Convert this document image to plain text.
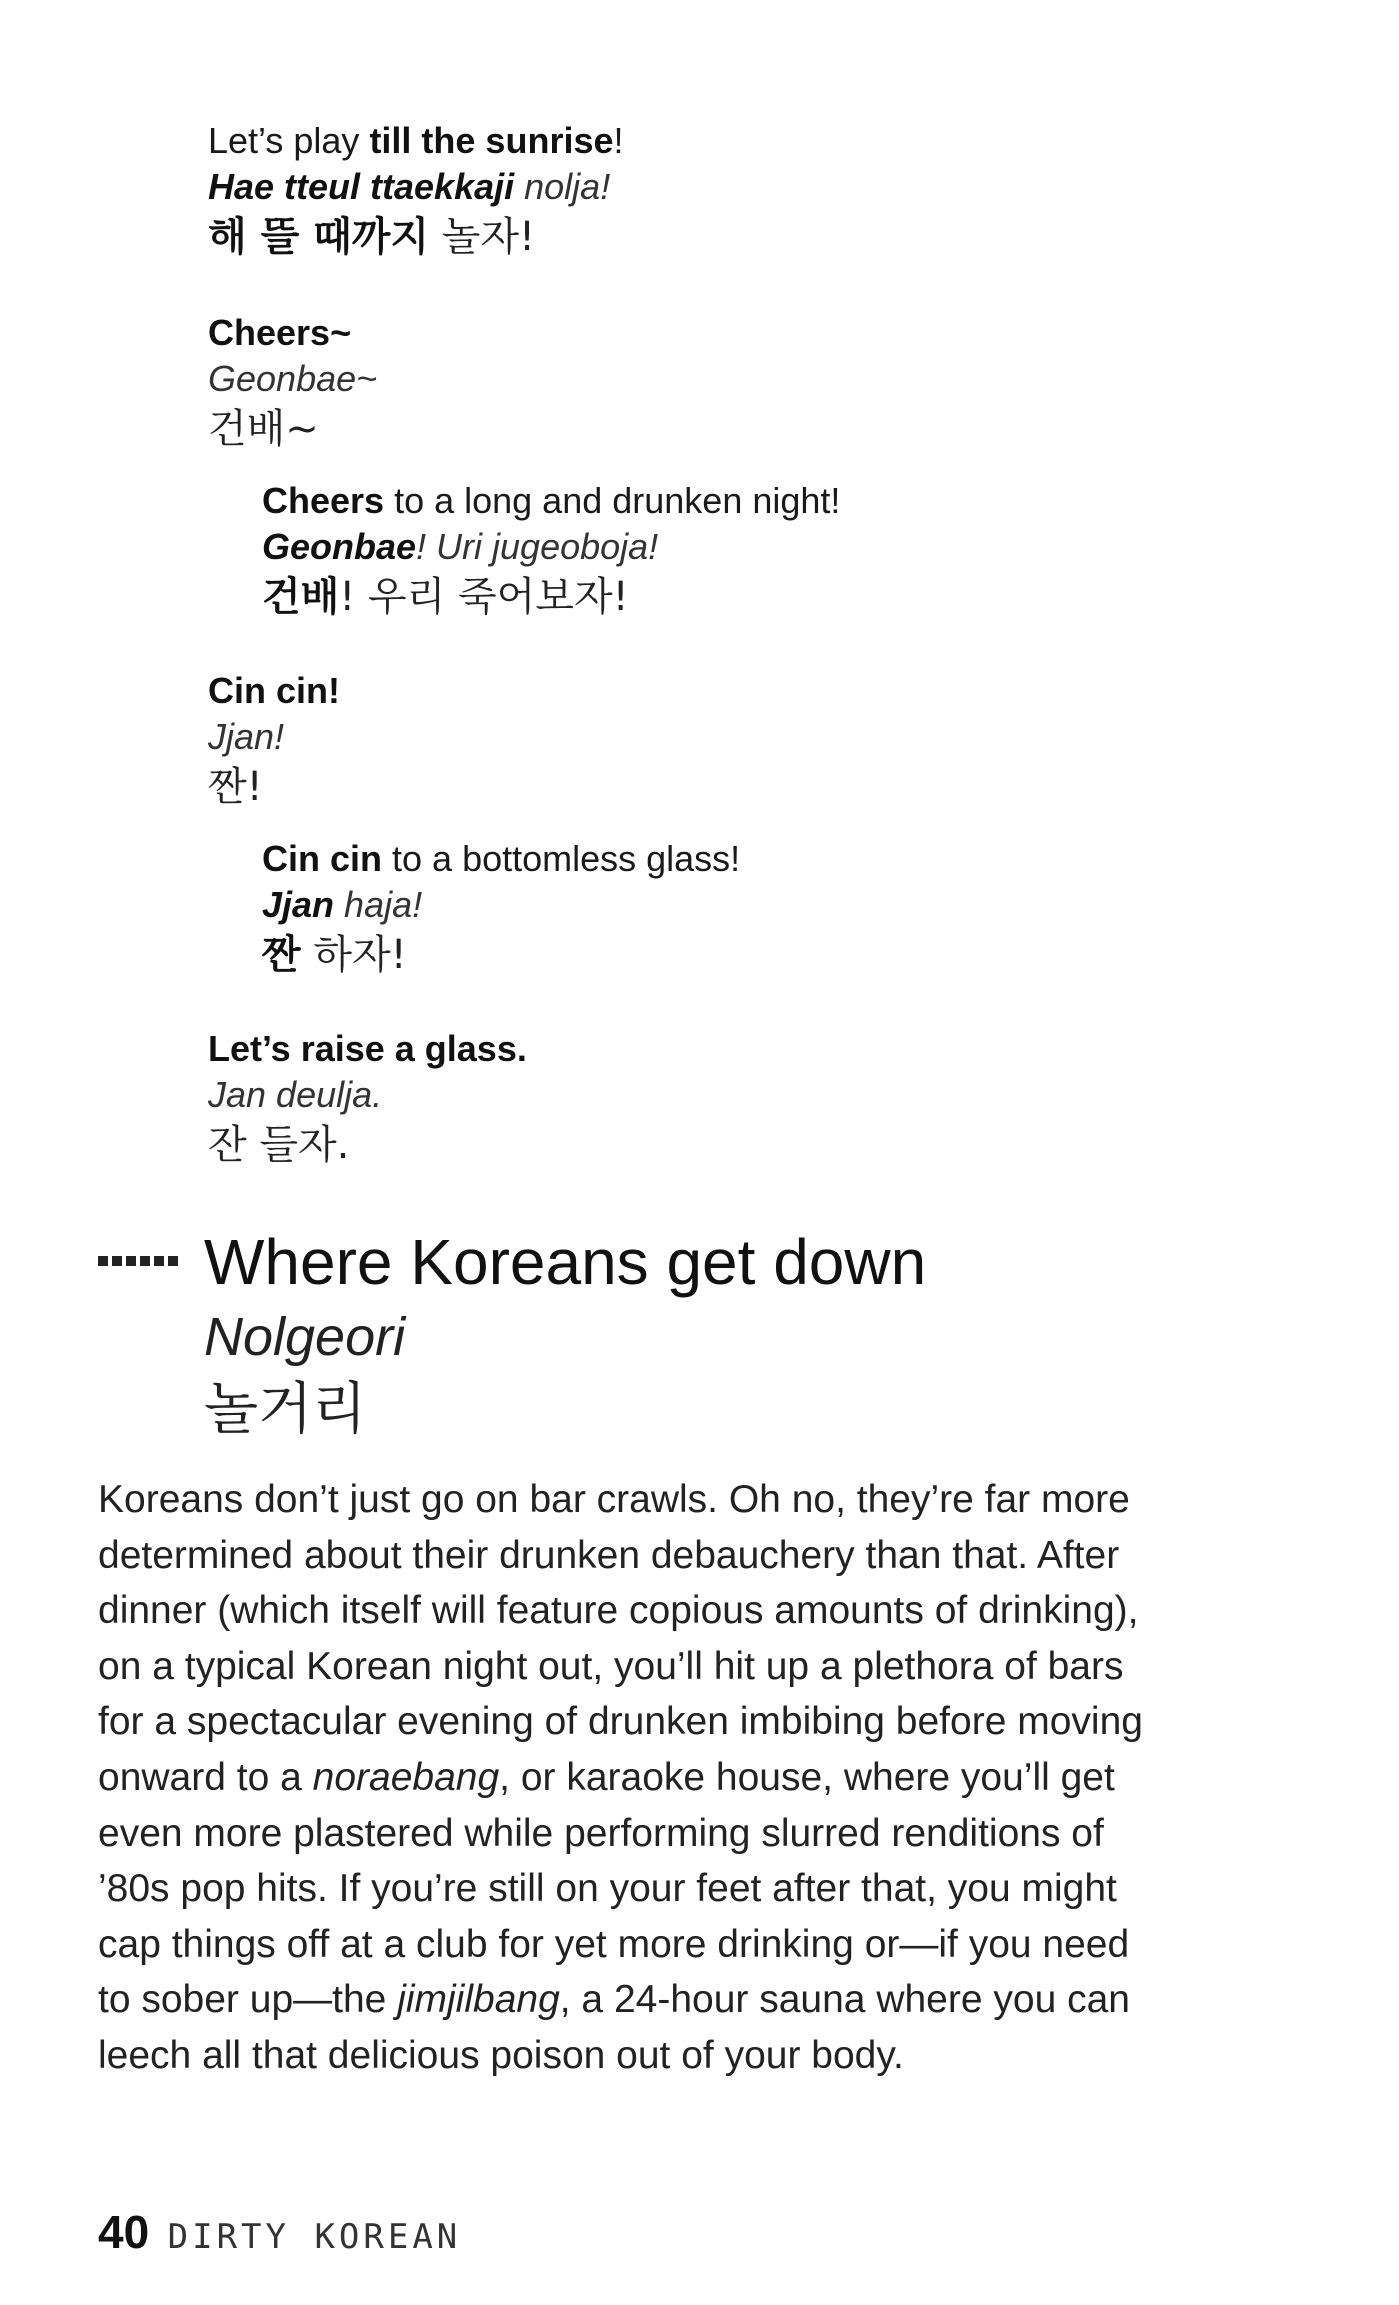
Let’s play till the sunrise!
Hae tteul ttaekkaji nolja!
해 뜰 때까지 놀자!
Cheers~
Geonbae~
건배~
Cheers to a long and drunken night!
Geonbae! Uri jugeoboja!
건배! 우리 죽어보자!
Cin cin!
Jjan!
짠!
Cin cin to a bottomless glass!
Jjan haja!
짠 하자!
Let’s raise a glass.
Jan deulja.
잔 들자.
Where Koreans get down
Nolgeori
놀거리

Koreans don’t just go on bar crawls. Oh no, they’re far more

determined about their drunken debauchery than that. After

dinner (which itself will feature copious amounts of drinking),

on a typical Korean night out, you’ll hit up a plethora of bars

for a spectacular evening of drunken imbibing before moving

onward to a noraebang, or karaoke house, where you’ll get

even more plastered while performing slurred renditions of

’80s pop hits. If you’re still on your feet after that, you might

cap things off at a club for yet more drinking or—if you need

to sober up—the jimjilbang, a 24-hour sauna where you can

leech all that delicious poison out of your body.

40 DIRTY KOREAN
